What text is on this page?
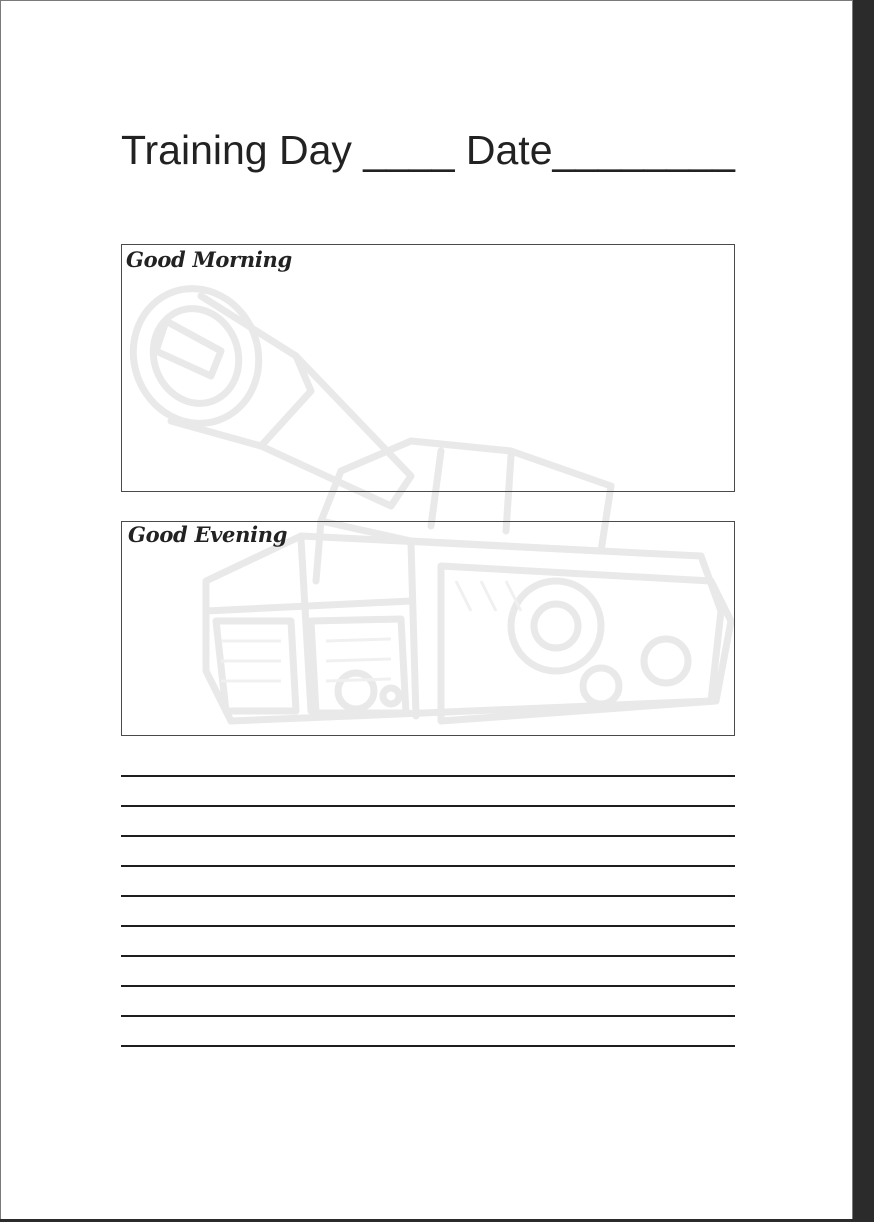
Training Day ____ Date________
Good Morning
Good Evening
